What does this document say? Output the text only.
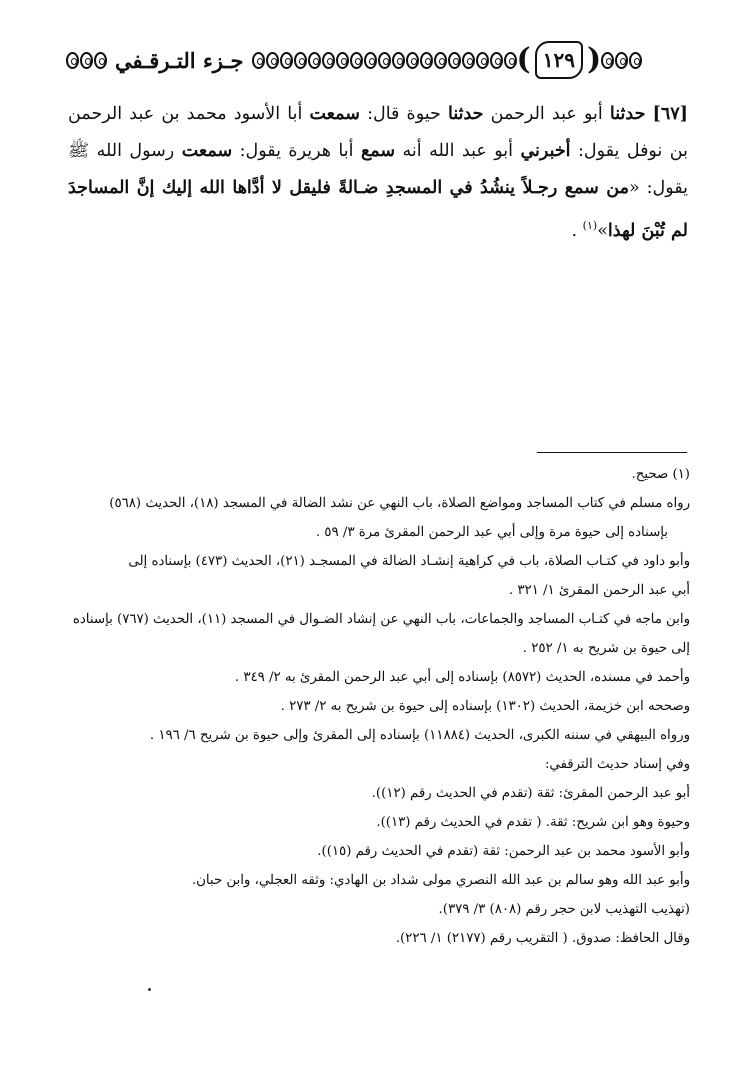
جـزء التـرقـفي	( ١٢٩ )
[٦٧] حدثنا أبو عبد الرحمن حدثنا حيوة قال: سمعت أبا الأسود محمد بن عبد الرحمن بن نوفل يقول: أخبرني أبو عبد الله أنه سمع أبا هريرة يقول: سمعت رسول الله ﷺ يقول: «من سمع رجـلاً ينشُدُ في المسجدِ ضـالةً فليقل لا أدَّاها الله إليك إنَّ المساجدَ لم تُبْنَ لهذا»$^{(١)}$ .

(١) صحيح.

رواه مسلم في كتاب المساجد ومواضع الصلاة، باب النهي عن نشد الضالة في المسجد (١٨)، الحديث (٥٦٨)

بإسناده إلى حيوة مرة وإلى أبي عبد الرحمن المقرئ مرة ٣/ ٥٩ .

وأبو داود في كتـاب الصلاة، باب في كراهية إنشـاد الضالة في المسجـد (٢١)، الحديث (٤٧٣) بإسناده إلى

أبي عبد الرحمن المقرئ ١/ ٣٢١ .

وابن ماجه في كتـاب المساجد والجماعات، باب النهي عن إنشاد الضـوال في المسجد (١١)، الحديث (٧٦٧) بإسناده

إلى حيوة بن شريح به ١/ ٢٥٢ .

وأحمد في مسنده، الحديث (٨٥٧٢) بإسناده إلى أبي عبد الرحمن المقرئ به ٢/ ٣٤٩ .

وصححه ابن خزيمة، الحديث (١٣٠٢) بإسناده إلى حيوة بن شريح به ٢/ ٢٧٣ .

ورواه البيهقي في سننه الكبرى، الحديث (١١٨٨٤) بإسناده إلى المقرئ وإلى حيوة بن شريح ٦/ ١٩٦ .

وفي إسناد حديث الترقفي:

أبو عبد الرحمن المقرئ: ثقة (تقدم في الحديث رقم (١٢)).

وحيوة وهو ابن شريح: ثقة. ( تقدم في الحديث رقم (١٣)).

وأبو الأسود محمد بن عبد الرحمن: ثقة (تقدم في الحديث رقم (١٥)).

وأبو عبد الله وهو سالم بن عبد الله النصري مولى شداد بن الهادي: وثقه العجلي، وابن حبان.

(تهذيب التهذيب لابن حجر رقم (٨٠٨) ٣/ ٣٧٩).

وقال الحافظ: صدوق. ( التقريب رقم (٢١٧٧) ١/ ٢٢٦).
